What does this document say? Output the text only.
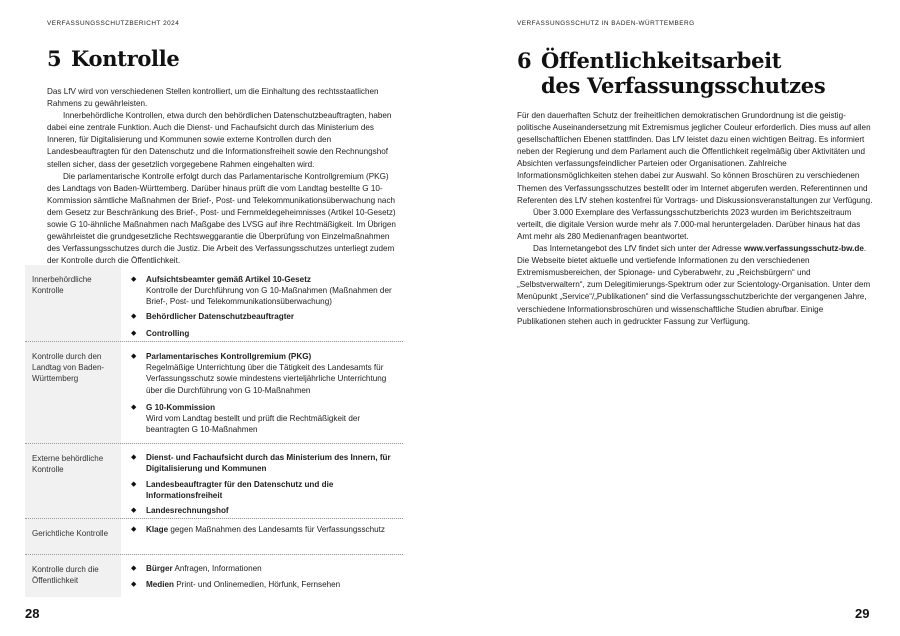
VERFASSUNGSSCHUTZBERICHT 2024
5 Kontrolle

Das LfV wird von verschiedenen Stellen kontrolliert, um die Einhaltung des rechtsstaatlichen Rahmens zu gewährleisten.

Innerbehördliche Kontrollen, etwa durch den behördlichen Datenschutzbeauftragten, haben dabei eine zentrale Funktion. Auch die Dienst- und Fachaufsicht durch das Ministerium des Inneren, für Digitalisierung und Kommunen sowie externe Kontrollen durch den Landesbeauftragten für den Datenschutz und die Informationsfreiheit sowie den Rechnungshof stellen sicher, dass der gesetzlich vorgegebene Rahmen eingehalten wird.

Die parlamentarische Kontrolle erfolgt durch das Parlamentarische Kontrollgremium (PKG) des Landtags von Baden-Württemberg. Darüber hinaus prüft die vom Landtag bestellte G 10-Kommission sämtliche Maßnahmen der Brief-, Post- und Telekommunikationsüberwachung nach dem Gesetz zur Beschränkung des Brief-, Post- und Fernmeldegeheimnisses (Artikel 10-Gesetz) sowie G 10-ähnliche Maßnahmen nach Maßgabe des LVSG auf ihre Rechtmäßigkeit. Im Übrigen gewährleistet die grundgesetzliche Rechtsweggarantie die Überprüfung von Einzelmaßnahmen des Verfassungsschutzes durch die Justiz. Die Arbeit des Verfassungsschutzes unterliegt zudem der Kontrolle durch die Öffentlichkeit.

Innerbehördliche Kontrolle
◆	Aufsichtsbeamter gemäß Artikel 10-Gesetz
Kontrolle der Durchführung von G 10-Maßnahmen (Maßnahmen der Brief-, Post- und Telekommunikationsüberwachung)
◆	Behördlicher Datenschutzbeauftragter
◆	Controlling
Kontrolle durch den Landtag von Baden-Württemberg
◆	Parlamentarisches Kontrollgremium (PKG)
Regelmäßige Unterrichtung über die Tätigkeit des Landesamts für Verfassungsschutz sowie mindestens vierteljährliche Unterrichtung über die Durchführung von G 10-Maßnahmen
◆	G 10-Kommission
Wird vom Landtag bestellt und prüft die Rechtmäßigkeit der beantragten G 10-Maßnahmen
Externe behördliche Kontrolle
◆	Dienst- und Fachaufsicht durch das Ministerium des Innern, für Digitalisierung und Kommunen
◆	Landesbeauftragter für den Datenschutz und die Informationsfreiheit
◆	Landesrechnungshof
Gerichtliche Kontrolle	◆	Klage gegen Maßnahmen des Landesamts für Verfassungsschutz
Kontrolle durch die Öffentlichkeit
◆	Bürger Anfragen, Informationen
◆	Medien Print- und Onlinemedien, Hörfunk, Fernsehen
28
VERFASSUNGSSCHUTZ IN BADEN-WÜRTTEMBERG
6 Öffentlichkeitsarbeit
des Verfassungsschutzes

Für den dauerhaften Schutz der freiheitlichen demokratischen Grundordnung ist die geistig-politische Auseinandersetzung mit Extremismus jeglicher Couleur erforderlich. Dies muss auf allen gesellschaftlichen Ebenen stattfinden. Das LfV leistet dazu einen wichtigen Beitrag. Es informiert neben der Regierung und dem Parlament auch die Öffentlichkeit regelmäßig über Aktivitäten und Absichten verfassungsfeindlicher Parteien oder Organisationen. Zahlreiche Informationsmöglichkeiten stehen dabei zur Auswahl. So können Broschüren zu verschiedenen Themen des Verfassungsschutzes bestellt oder im Internet abgerufen werden. Referentinnen und Referenten des LfV stehen kostenfrei für Vortrags- und Diskussionsveranstaltungen zur Verfügung.

Über 3.000 Exemplare des Verfassungsschutzberichts 2023 wurden im Berichtszeitraum verteilt, die digitale Version wurde mehr als 7.000-mal heruntergeladen. Darüber hinaus hat das Amt mehr als 280 Medienanfragen beantwortet.

Das Internetangebot des LfV findet sich unter der Adresse www.verfassungsschutz-bw.de. Die Webseite bietet aktuelle und vertiefende Informationen zu den verschiedenen Extremismusbereichen, der Spionage- und Cyberabwehr, zu „Reichsbürgern“ und „Selbstverwaltern“, zum Delegitimierungs-Spektrum oder zur Scientology-Organisation. Unter dem Menüpunkt „Service“/„Publikationen“ sind die Verfassungsschutzberichte der vergangenen Jahre, verschiedene Informationsbroschüren und wissenschaftliche Studien abrufbar. Einige Publikationen stehen auch in gedruckter Fassung zur Verfügung.

29
